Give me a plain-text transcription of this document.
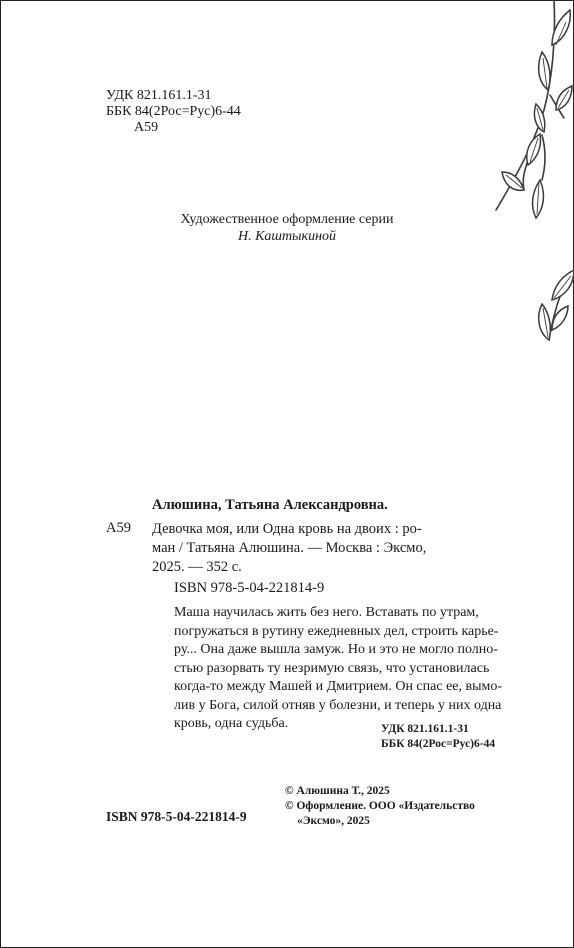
УДК 821.161.1-31
ББК 84(2Рос=Рус)6-44
А59
Художественное оформление серии
Н. Каштыкиной
Алюшина, Татьяна Александровна.
А59 Девочка моя, или Одна кровь на двоих : ро-
ман / Татьяна Алюшина. — Москва : Эксмо,
2025. — 352 с.
ISBN 978-5-04-221814-9
Маша научилась жить без него. Вставать по утрам,
погружаться в рутину ежедневных дел, строить карье-
ру... Она даже вышла замуж. Но и это не могло полно-
стью разорвать ту незримую связь, что установилась
когда-то между Машей и Дмитрием. Он спас ее, вымо-
лив у Бога, силой отняв у болезни, и теперь у них одна
кровь, одна судьба.	УДК 821.161.1-31
ББК 84(2Рос=Рус)6-44
© Алюшина Т., 2025
© Оформление. ООО «Издательство
«Эксмо», 2025
ISBN 978-5-04-221814-9
